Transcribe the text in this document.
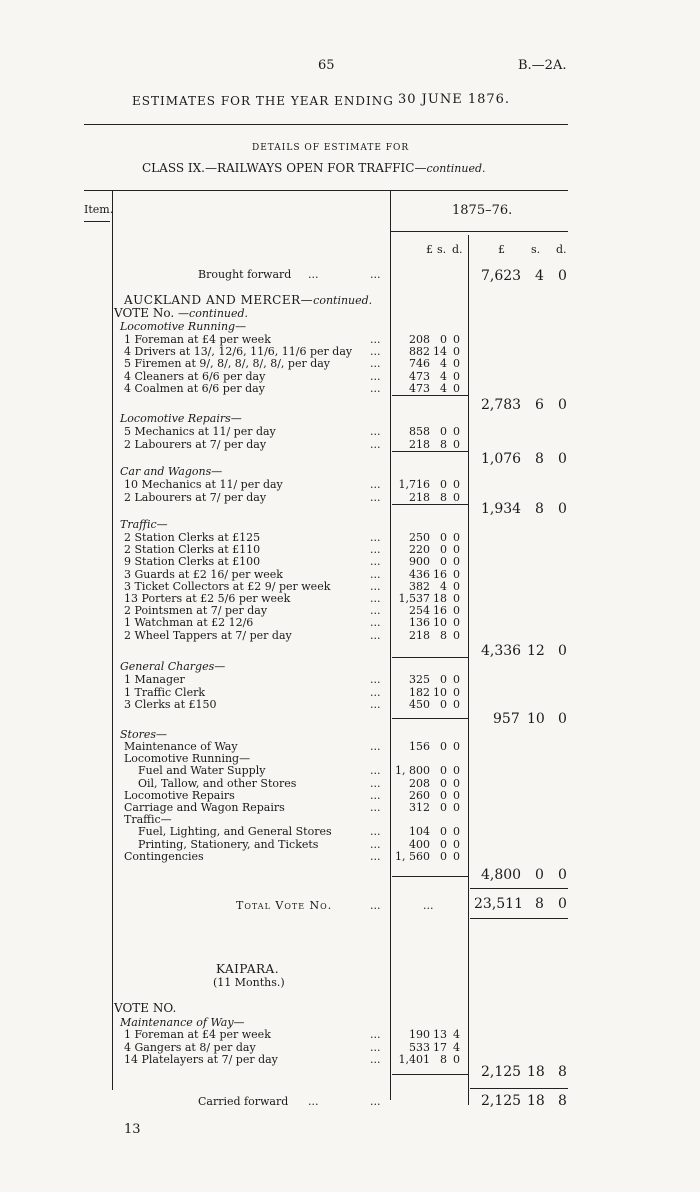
65	B.—2A.
ESTIMATES FOR THE YEAR ENDING 30 JUNE 1876.
DETAILS OF ESTIMATE FOR
CLASS IX.—RAILWAYS OPEN FOR TRAFFIC—continued.
Item.	1875–76.
£ s. d.	£ s. d.
Brought forward ...	...	7,623 4 0
AUCKLAND AND MERCER—continued.
VOTE No. —continued.
Locomotive Running—
1 Foreman at £4 per week	...	208 0 0
4 Drivers at 13/, 12/6, 11/6, 11/6 per day ...	882 14 0
5 Firemen at 9/, 8/, 8/, 8/, 8/, per day	...	746 4 0
4 Cleaners at 6/6 per day	...	473 4 0
4 Coalmen at 6/6 per day	...	473 4 0
2,783 6 0
Locomotive Repairs—
5 Mechanics at 11/ per day	...	858 0 0
2 Labourers at 7/ per day	...	218 8 0
1,076 8 0
Car and Wagons—
10 Mechanics at 11/ per day	... 1,716 0 0
2 Labourers at 7/ per day	...	218 8 0
1,934 8 0
Traffic—
2 Station Clerks at £125	...	250 0 0
2 Station Clerks at £110	...	220 0 0
9 Station Clerks at £100	...	900 0 0
3 Guards at £2 16/ per week	...	436 16 0
3 Ticket Collectors at £2 9/ per week	...	382 4 0
13 Porters at £2 5/6 per week	... 1,537 18 0
2 Pointsmen at 7/ per day	...	254 16 0
1 Watchman at £2 12/6	...	136 10 0
2 Wheel Tappers at 7/ per day	...	218 8 0
4,336 12 0
General Charges—
1 Manager	...	325 0 0
1 Traffic Clerk	...	182 10 0
3 Clerks at £150	...	450 0 0
957 10 0
Stores—
Maintenance of Way	...	156 0 0
Locomotive Running—
Fuel and Water Supply	... 1, 800 0 0
Oil, Tallow, and other Stores	...	208 0 0
Locomotive Repairs	...	260 0 0
Carriage and Wagon Repairs	...	312 0 0
Traffic—
Fuel, Lighting, and General Stores	...	104 0 0
Printing, Stationery, and Tickets	...	400 0 0
Contingencies	... 1, 560 0 0
4,800 0 0
Total Vote No.	...	...	23,511 8 0
KAIPARA.
(11 Months.)
VOTE NO.
Maintenance of Way—
1 Foreman at £4 per week	...	190 13 4
4 Gangers at 8/ per day	...	533 17 4
14 Platelayers at 7/ per day	... 1,401 8 0
2,125 18 8
Carried forward ...	...	2,125 18 8
13
